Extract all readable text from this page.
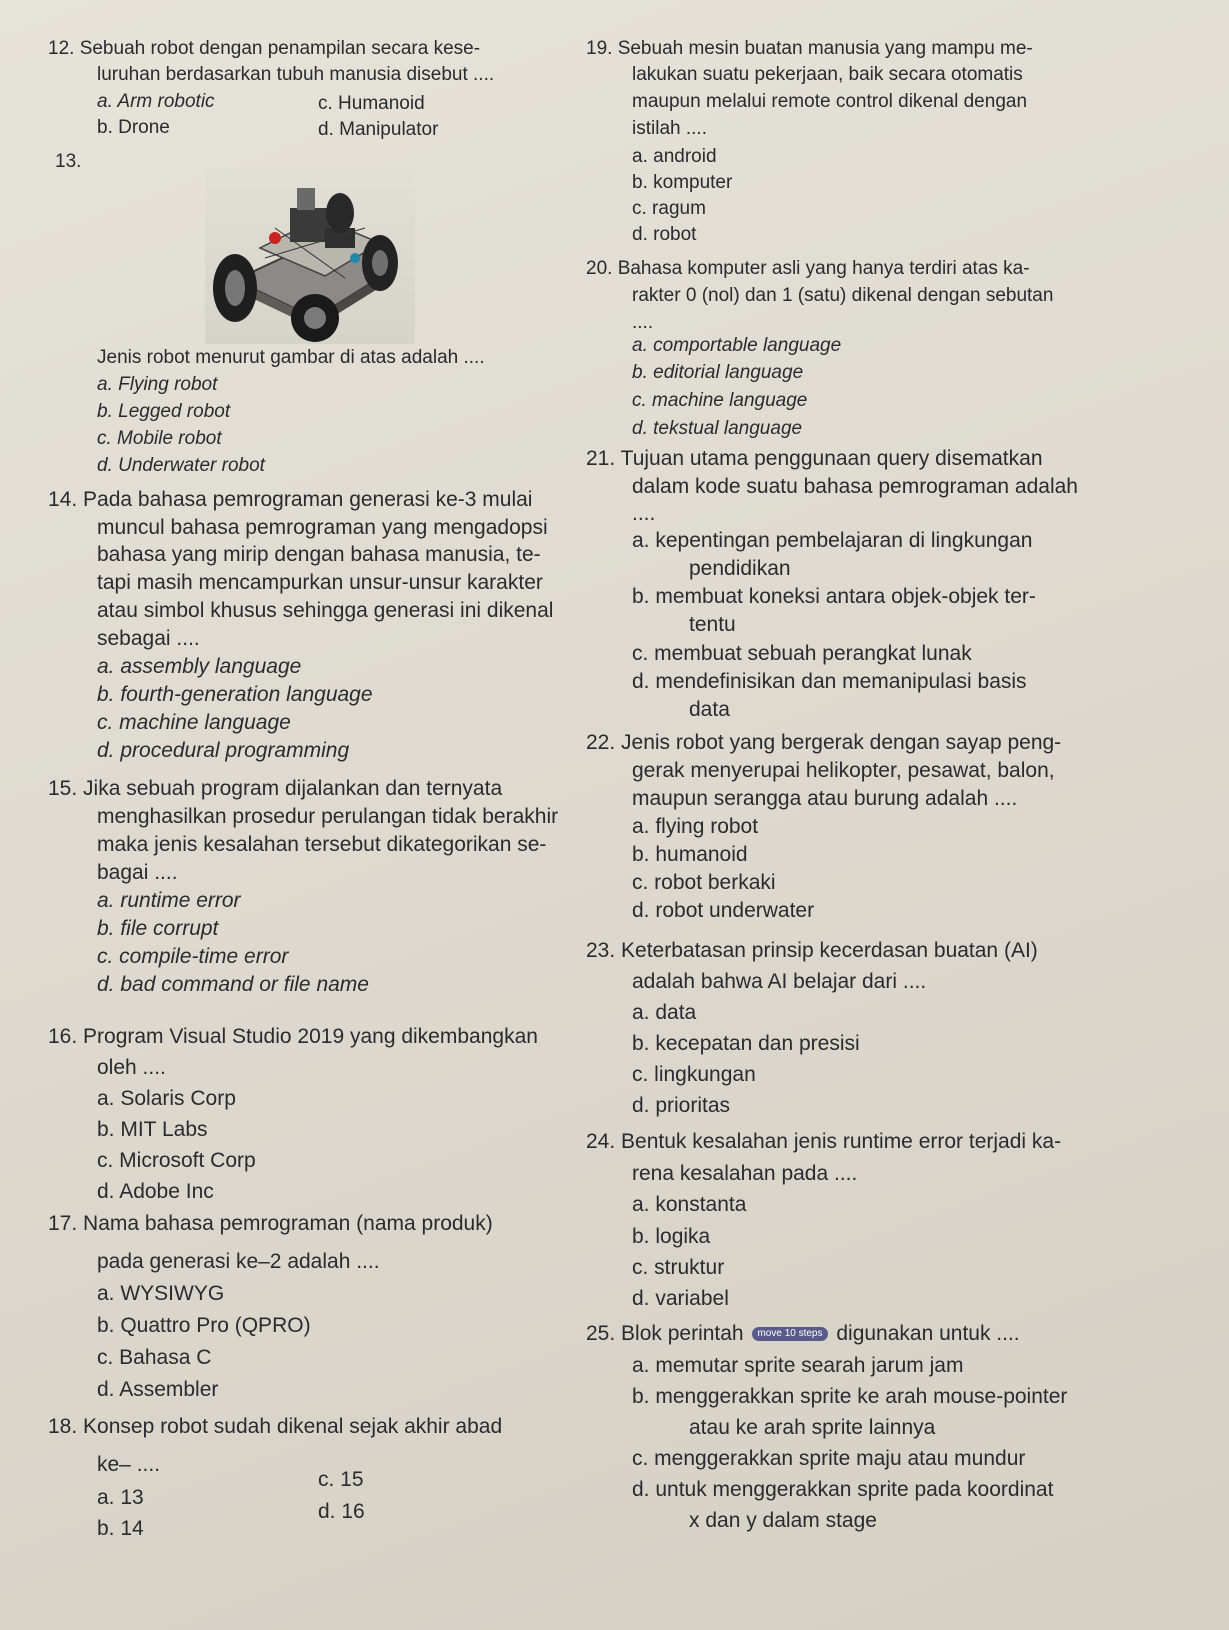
12. Sebuah robot dengan penampilan secara kese-
luruhan berdasarkan tubuh manusia disebut ....
a. Arm robotic	c. Humanoid
b. Drone	d. Manipulator
13.
Jenis robot menurut gambar di atas adalah ....
a. Flying robot
b. Legged robot
c. Mobile robot
d. Underwater robot
14. Pada bahasa pemrograman generasi ke-3 mulai
muncul bahasa pemrograman yang mengadopsi
bahasa yang mirip dengan bahasa manusia, te-
tapi masih mencampurkan unsur-unsur karakter
atau simbol khusus sehingga generasi ini dikenal
sebagai ....
a. assembly language
b. fourth-generation language
c. machine language
d. procedural programming
15. Jika sebuah program dijalankan dan ternyata
menghasilkan prosedur perulangan tidak berakhir
maka jenis kesalahan tersebut dikategorikan se-
bagai ....
a. runtime error
b. file corrupt
c. compile-time error
d. bad command or file name
16. Program Visual Studio 2019 yang dikembangkan
oleh ....
a. Solaris Corp
b. MIT Labs
c. Microsoft Corp
d. Adobe Inc
17. Nama bahasa pemrograman (nama produk)
pada generasi ke–2 adalah ....
a. WYSIWYG
b. Quattro Pro (QPRO)
c. Bahasa C
d. Assembler
18. Konsep robot sudah dikenal sejak akhir abad
ke– ....
a. 13
c. 15
b. 14
d. 16
19. Sebuah mesin buatan manusia yang mampu me-
lakukan suatu pekerjaan, baik secara otomatis
maupun melalui remote control dikenal dengan
istilah ....
a. android
b. komputer
c. ragum
d. robot
20. Bahasa komputer asli yang hanya terdiri atas ka-
rakter 0 (nol) dan 1 (satu) dikenal dengan sebutan
....
a. comportable language
b. editorial language
c. machine language
d. tekstual language
21. Tujuan utama penggunaan query disematkan
dalam kode suatu bahasa pemrograman adalah
....
a. kepentingan pembelajaran di lingkungan
pendidikan
b. membuat koneksi antara objek-objek ter-
tentu
c. membuat sebuah perangkat lunak
d. mendefinisikan dan memanipulasi basis
data
22. Jenis robot yang bergerak dengan sayap peng-
gerak menyerupai helikopter, pesawat, balon,
maupun serangga atau burung adalah ....
a. flying robot
b. humanoid
c. robot berkaki
d. robot underwater
23. Keterbatasan prinsip kecerdasan buatan (AI)
adalah bahwa AI belajar dari ....
a. data
b. kecepatan dan presisi
c. lingkungan
d. prioritas
24. Bentuk kesalahan jenis runtime error terjadi ka-
rena kesalahan pada ....
a. konstanta
b. logika
c. struktur
d. variabel
25. Blok perintah move 10 steps digunakan untuk ....
a. memutar sprite searah jarum jam
b. menggerakkan sprite ke arah mouse-pointer
atau ke arah sprite lainnya
c. menggerakkan sprite maju atau mundur
d. untuk menggerakkan sprite pada koordinat
x dan y dalam stage
